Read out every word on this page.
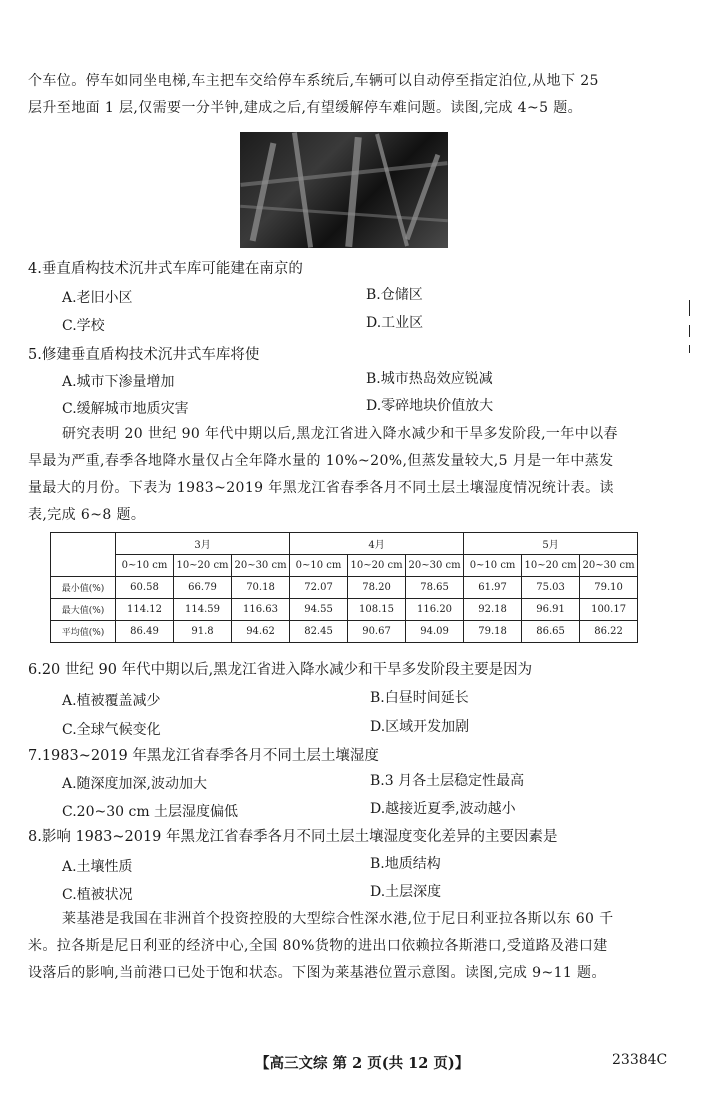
个车位。停车如同坐电梯,车主把车交给停车系统后,车辆可以自动停至指定泊位,从地下 25
层升至地面 1 层,仅需要一分半钟,建成之后,有望缓解停车难问题。读图,完成 4~5 题。
4.垂直盾构技术沉井式车库可能建在南京的
A.老旧小区	B.仓储区
C.学校	D.工业区
5.修建垂直盾构技术沉井式车库将使
A.城市下渗量增加	B.城市热岛效应锐减
C.缓解城市地质灾害	D.零碎地块价值放大
研究表明 20 世纪 90 年代中期以后,黑龙江省进入降水减少和干旱多发阶段,一年中以春
旱最为严重,春季各地降水量仅占全年降水量的 10%~20%,但蒸发量较大,5 月是一年中蒸发
量最大的月份。下表为 1983~2019 年黑龙江省春季各月不同土层土壤湿度情况统计表。读
表,完成 6~8 题。
	3月			4月			5月		
	0~10 cm	10~20 cm	20~30 cm	0~10 cm	10~20 cm	20~30 cm	0~10 cm	10~20 cm	20~30 cm
最小值(%)	60.58	66.79	70.18	72.07	78.20	78.65	61.97	75.03	79.10
最大值(%)	114.12	114.59	116.63	94.55	108.15	116.20	92.18	96.91	100.17
平均值(%)	86.49	91.8	94.62	82.45	90.67	94.09	79.18	86.65	86.22
6.20 世纪 90 年代中期以后,黑龙江省进入降水减少和干旱多发阶段主要是因为
A.植被覆盖减少	B.白昼时间延长
C.全球气候变化	D.区域开发加剧
7.1983~2019 年黑龙江省春季各月不同土层土壤湿度
A.随深度加深,波动加大	B.3 月各土层稳定性最高
C.20~30 cm 土层湿度偏低	D.越接近夏季,波动越小
8.影响 1983~2019 年黑龙江省春季各月不同土层土壤湿度变化差异的主要因素是
A.土壤性质	B.地质结构
C.植被状况	D.土层深度
莱基港是我国在非洲首个投资控股的大型综合性深水港,位于尼日利亚拉各斯以东 60 千
米。拉各斯是尼日利亚的经济中心,全国 80%货物的进出口依赖拉各斯港口,受道路及港口建
设落后的影响,当前港口已处于饱和状态。下图为莱基港位置示意图。读图,完成 9~11 题。
【高三文综 第 2 页(共 12 页)】	23384C
